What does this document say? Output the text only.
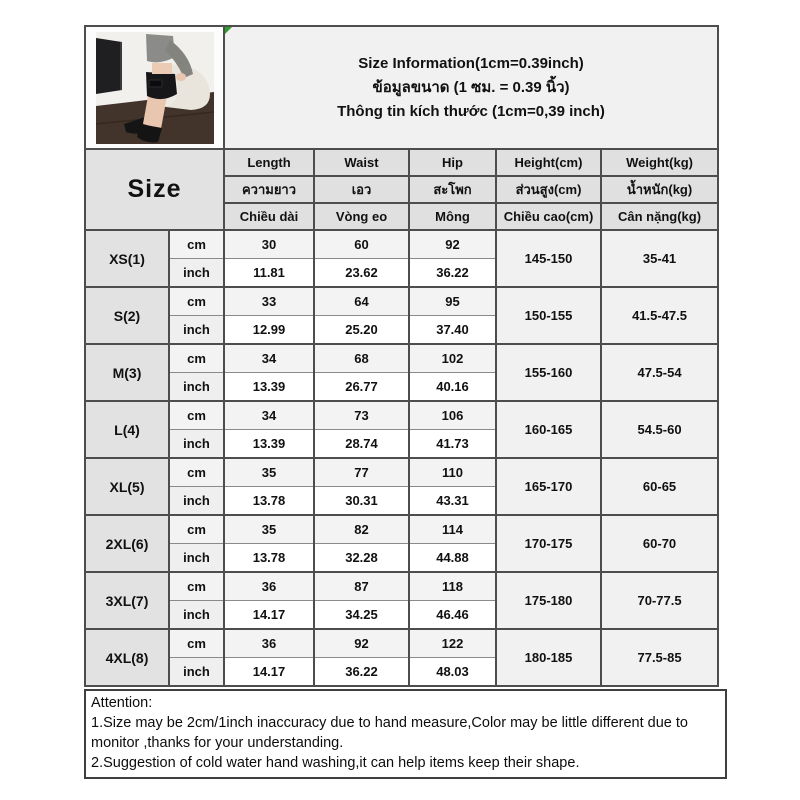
Size Information(1cm=0.39inch)
ข้อมูลขนาด (1 ซม. = 0.39 นิ้ว)
Thông tin kích thước (1cm=0,39 inch)				

Size		Length	Waist	Hip	Height(cm)	Weight(kg)
		ความยาว	เอว	สะโพก	ส่วนสูง(cm)	น้ำหนัก(kg)
		Chiều dài	Vòng eo	Mông	Chiều cao(cm)	Cân nặng(kg)
XS(1)	cm	30	60	92	145-150	35-41
	inch	11.81	23.62	36.22		
S(2)	cm	33	64	95	150-155	41.5-47.5
	inch	12.99	25.20	37.40		
M(3)	cm	34	68	102	155-160	47.5-54
	inch	13.39	26.77	40.16		
L(4)	cm	34	73	106	160-165	54.5-60
	inch	13.39	28.74	41.73		
XL(5)	cm	35	77	110	165-170	60-65
	inch	13.78	30.31	43.31		
2XL(6)	cm	35	82	114	170-175	60-70
	inch	13.78	32.28	44.88		
3XL(7)	cm	36	87	118	175-180	70-77.5
	inch	14.17	34.25	46.46		
4XL(8)	cm	36	92	122	180-185	77.5-85
	inch	14.17	36.22	48.03		

Attention:

1.Size may be 2cm/1inch inaccuracy due to hand measure,Color may be little different due to monitor ,thanks for your understanding.

2.Suggestion of cold water hand washing,it can help items keep their shape.
